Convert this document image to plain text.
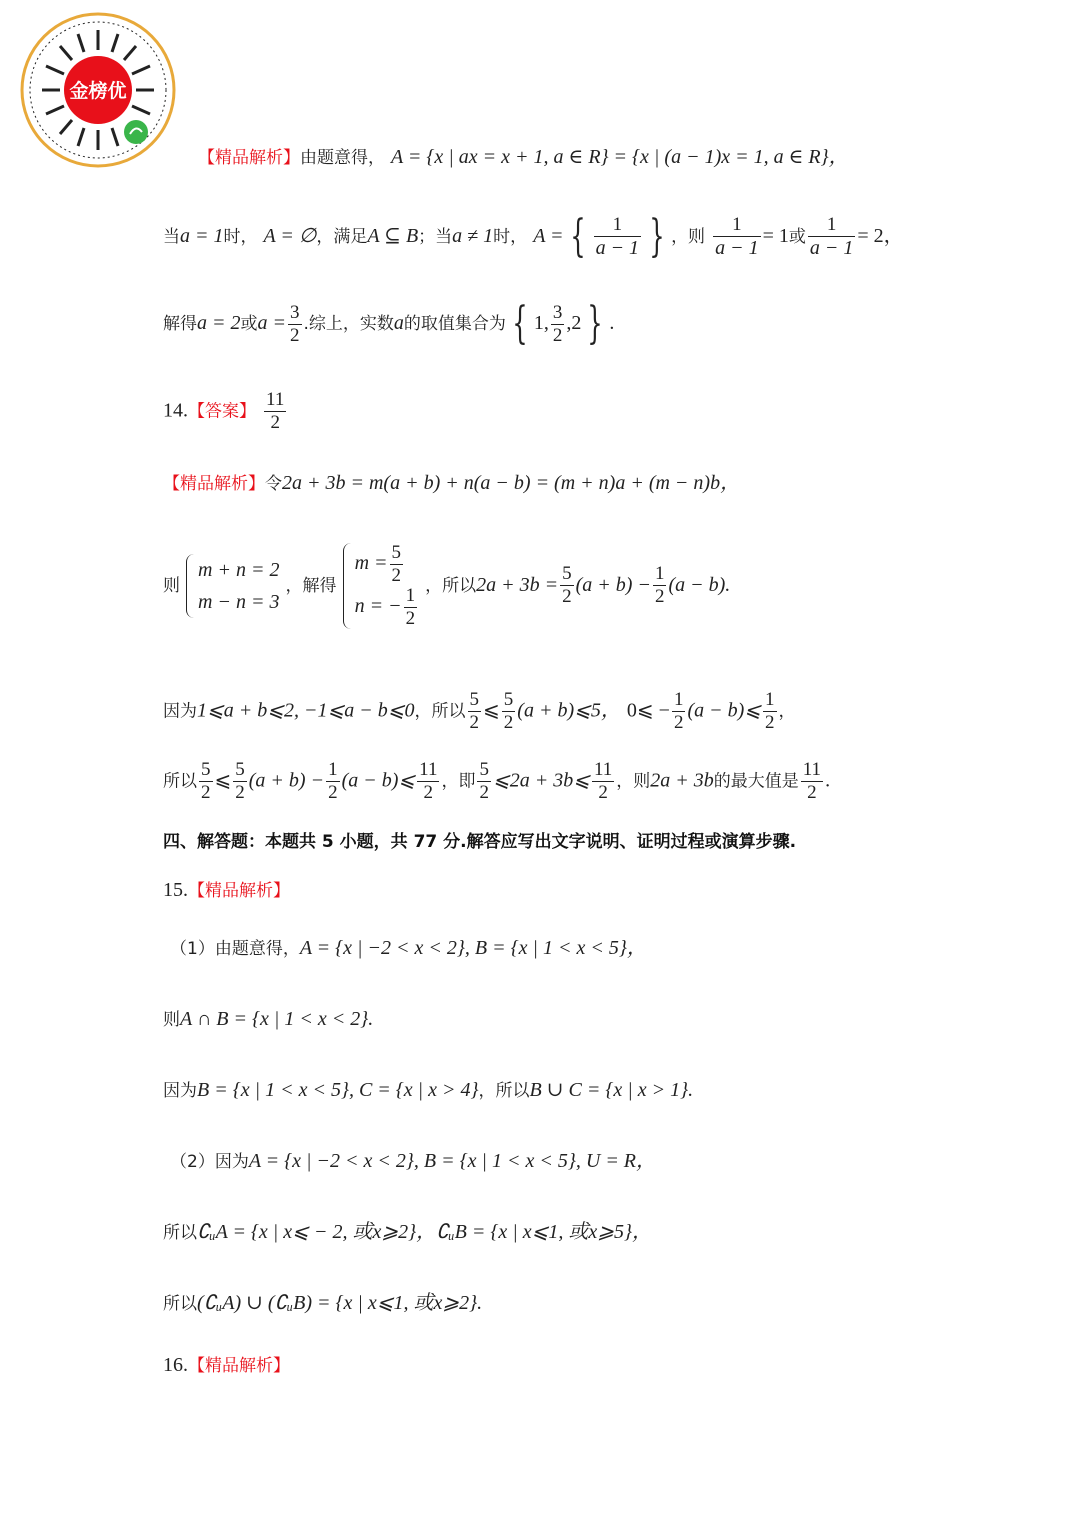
金榜优
【精品解析】由题意得， A = {x | ax = x + 1, a ∈ R} = {x | (a − 1)x = 1, a ∈ R}，
当a = 1时， A = ∅，满足A ⊆ B；当a ≠ 1时， A = { $\frac{1}{a - 1}$ } ，则 $\frac{1}{a - 1} = 1$或 $\frac{1}{a - 1} = 2$，
解得a = 2或$a = \frac{3}{2}$ .综上，实数a的取值集合为 { 1, $\frac{3}{2} ,2$ } .
14.【答案】 $\frac{11}{2}$
【精品解析】令2a + 3b = m(a + b) + n(a − b) = (m + n)a + (m − n)b，
则
m + n = 2
m − n = 3
，解得
$m = \frac{5}{2}$
n = − $\frac{1}{2}$ ，所以$2a + 3b = \frac{5}{2} (a + b) - \frac{1}{2} (a - b)$.
因为1⩽a + b⩽2, −1⩽a − b⩽0，所以 $\frac{5}{2}$ ⩽ $\frac{5}{2} (a$ + b)⩽5， 0⩽ − $\frac{1}{2} (a$ − b)⩽ $\frac{1}{2}$ ，
所以 $\frac{5}{2}$ ⩽ $\frac{5}{2} (a + b) - \frac{1}{2} (a$ − b)⩽ $\frac{11}{2}$ ，即 $\frac{5}{2}$ ⩽2a + 3b⩽ $\frac{11}{2}$ ，则2a + 3b的最大值是 $\frac{11}{2}$ .
四、解答题：本题共 5 小题，共 77 分.解答应写出文字说明、证明过程或演算步骤.
15.【精品解析】
（1）由题意得，A = {x | −2 < x < 2}, B = {x | 1 < x < 5}，
则A ∩ B = {x | 1 < x < 2}.
因为B = {x | 1 < x < 5}, C = {x | x > 4}，所以B ∪ C = {x | x > 1}.
（2）因为A = {x | −2 < x < 2}, B = {x | 1 < x < 5}, U = R，
所以∁ᵤA = {x | x⩽ − 2, 或x⩾2}，∁ᵤB = {x | x⩽1, 或x⩾5}，
所以(∁ᵤA) ∪ (∁ᵤB) = {x | x⩽1, 或x⩾2}.
16.【精品解析】
